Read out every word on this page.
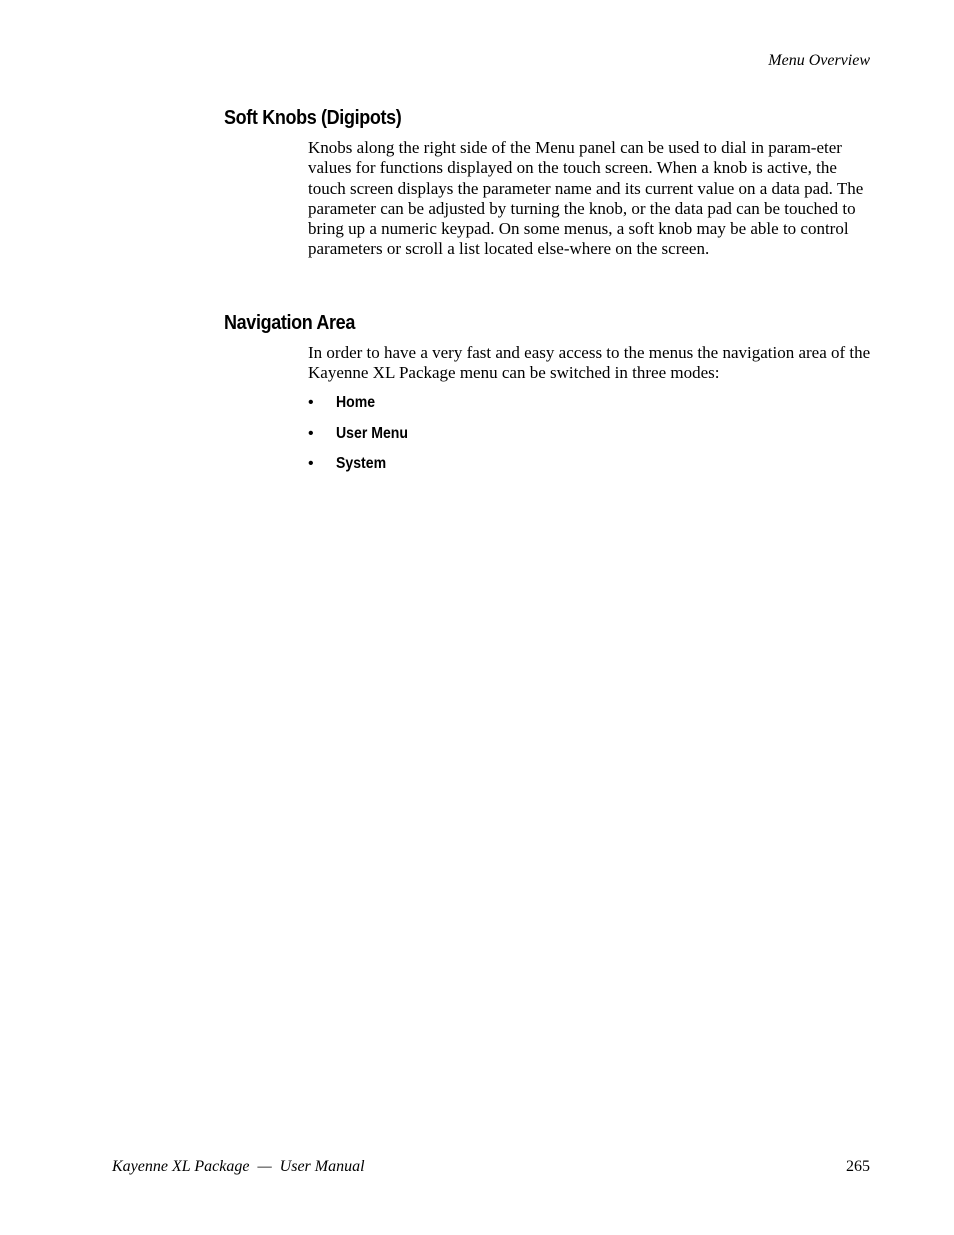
Menu Overview
Soft Knobs (Digipots)

Knobs along the right side of the Menu panel can be used to dial in param-eter values for functions displayed on the touch screen. When a knob is active, the touch screen displays the parameter name and its current value on a data pad. The parameter can be adjusted by turning the knob, or the data pad can be touched to bring up a numeric keypad. On some menus, a soft knob may be able to control parameters or scroll a list located else-where on the screen.

Navigation Area

In order to have a very fast and easy access to the menus the navigation area of the Kayenne XL Package menu can be switched in three modes:

• Home
• User Menu
• System
Kayenne XL Package  —  User Manual	265
